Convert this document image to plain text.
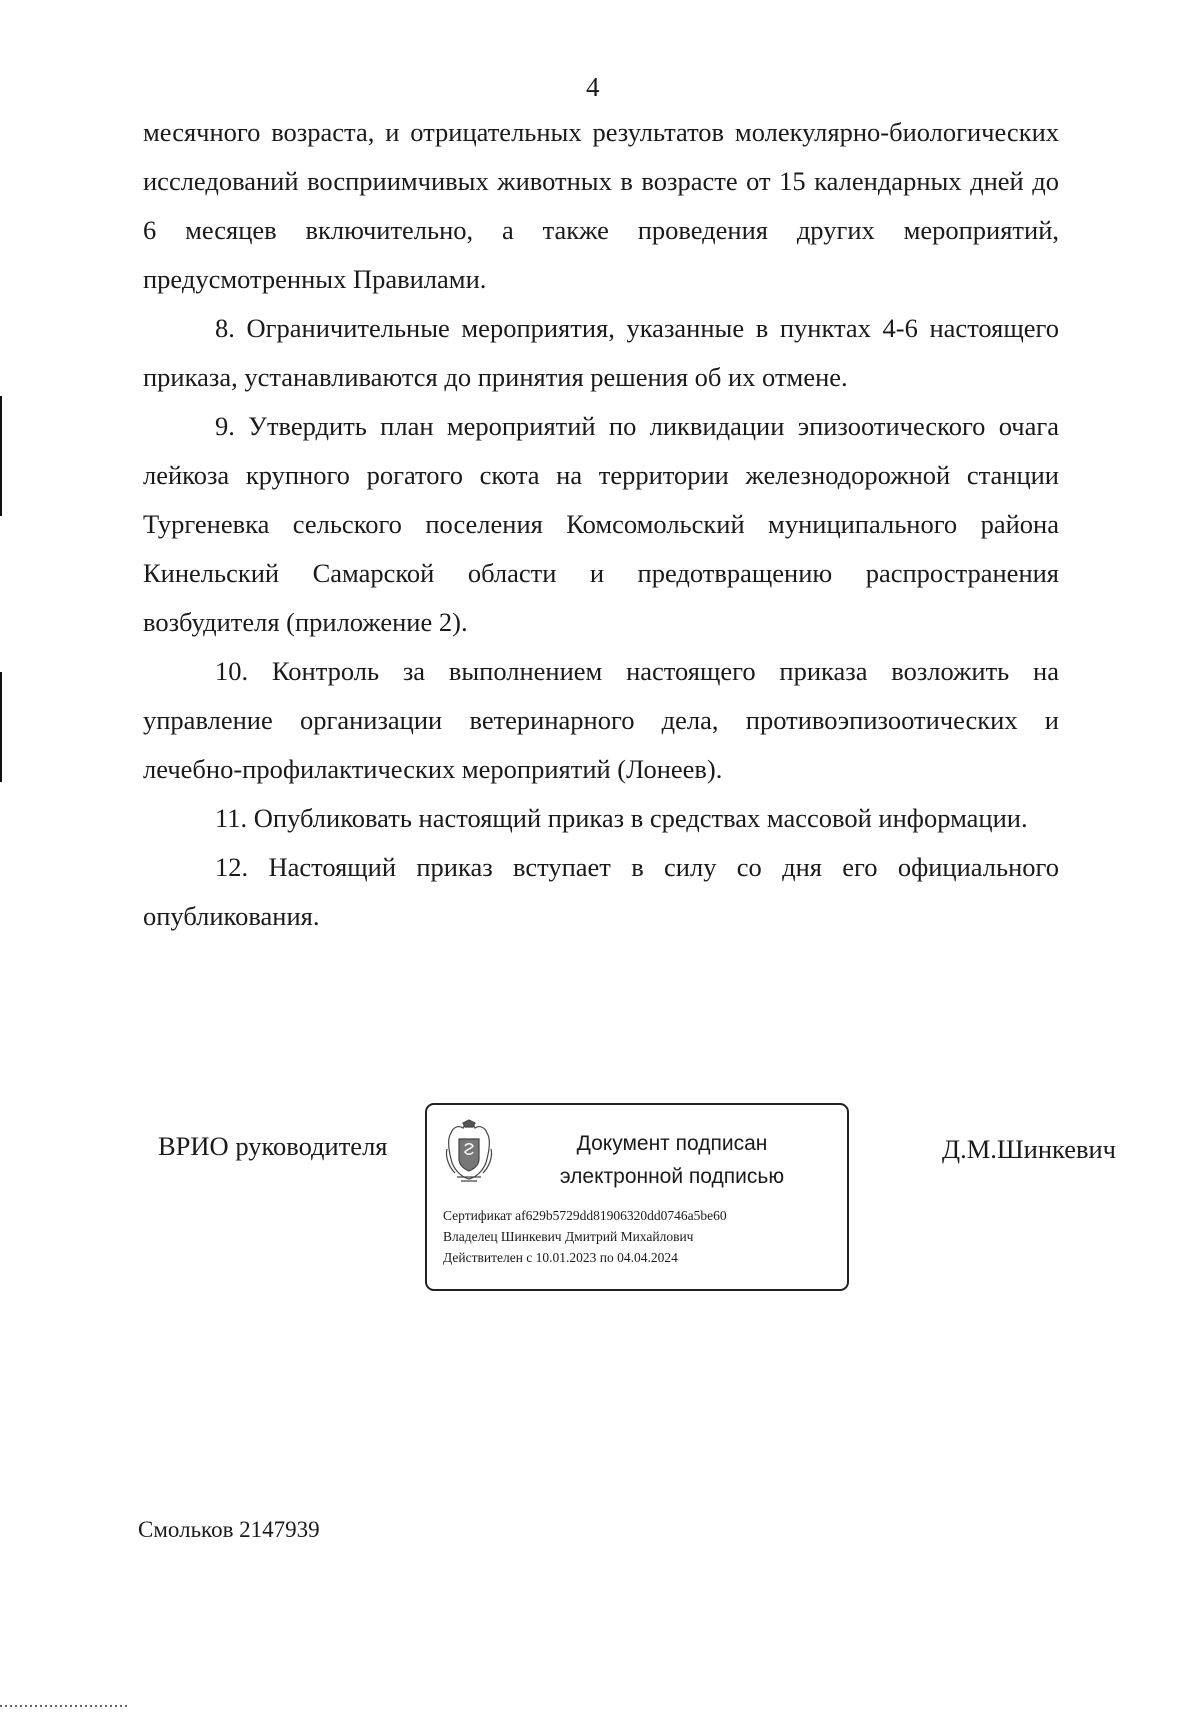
4

месячного возраста, и отрицательных результатов молекулярно-биологических исследований восприимчивых животных в возрасте от 15 календарных дней до 6 месяцев включительно, а также проведения других мероприятий, предусмотренных Правилами.

8. Ограничительные мероприятия, указанные в пунктах 4-6 настоящего приказа, устанавливаются до принятия решения об их отмене.

9. Утвердить план мероприятий по ликвидации эпизоотического очага лейкоза крупного рогатого скота на территории железнодорожной станции Тургеневка сельского поселения Комсомольский муниципального района Кинельский Самарской области и предотвращению распространения возбудителя (приложение 2).

10. Контроль за выполнением настоящего приказа возложить на управление организации ветеринарного дела, противоэпизоотических и лечебно-профилактических мероприятий (Лонеев).

11. Опубликовать настоящий приказ в средствах массовой информации.

12. Настоящий приказ вступает в силу со дня его официального опубликования.

ВРИО руководителя	Документ подписан
электронной подписью
Сертификат af629b5729dd81906320dd0746a5be60
Владелец Шинкевич Дмитрий Михайлович
Действителен с 10.01.2023 по 04.04.2024
Д.М.Шинкевич
Смольков 2147939
